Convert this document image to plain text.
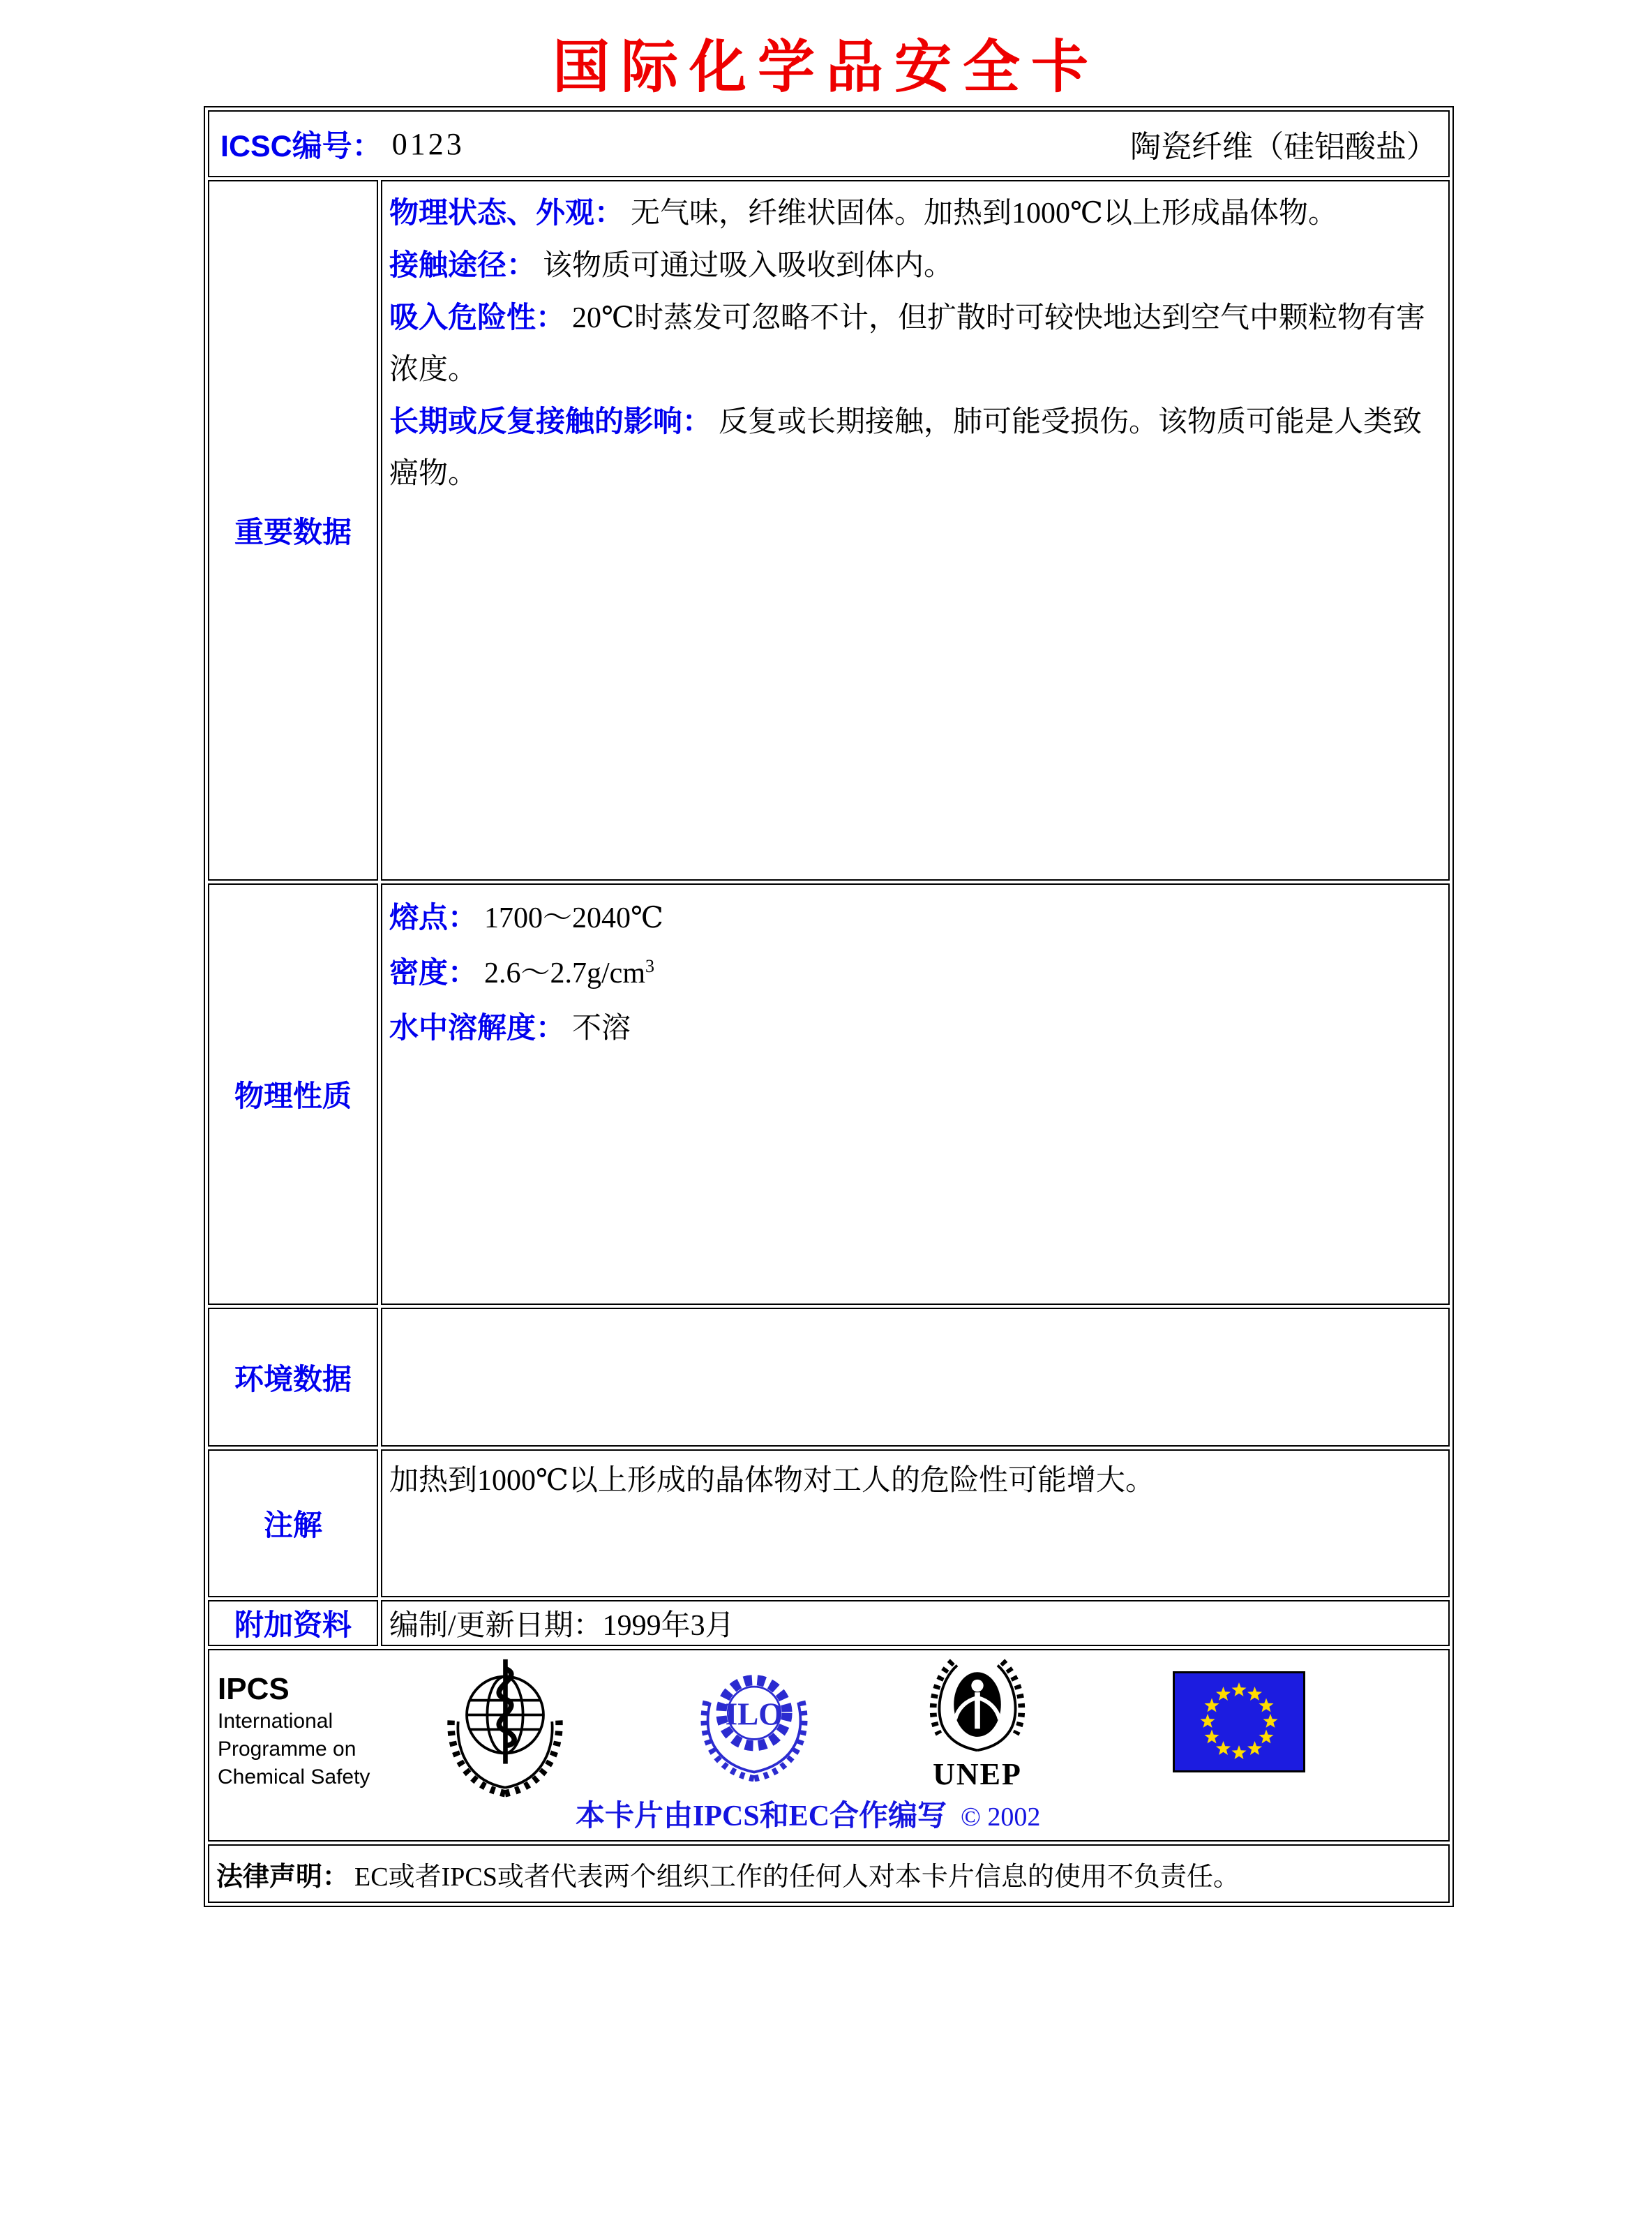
国际化学品安全卡
ICSC编号： 0123 陶瓷纤维（硅铝酸盐）	

重要数据	物理状态、外观： 无气味，纤维状固体。加热到1000℃以上形成晶体物。

接触途径： 该物质可通过吸入吸收到体内。

吸入危险性： 20℃时蒸发可忽略不计，但扩散时可较快地达到空气中颗粒物有害浓度。

长期或反复接触的影响： 反复或长期接触，肺可能受损伤。该物质可能是人类致癌物。

物理性质	熔点： 1700～2040℃

密度： $2.6\sim 2.7g/cm^3$

水中溶解度： 不溶

环境数据	

注解	加热到1000℃以上形成的晶体物对工人的危险性可能增大。

附加资料	编制/更新日期：1999年3月

IPCS
International
Programme on
Chemical Safety
ILO
UNEP
本卡片由IPCS和EC合作编写 © 2002

法律声明： EC或者IPCS或者代表两个组织工作的任何人对本卡片信息的使用不负责任。	
